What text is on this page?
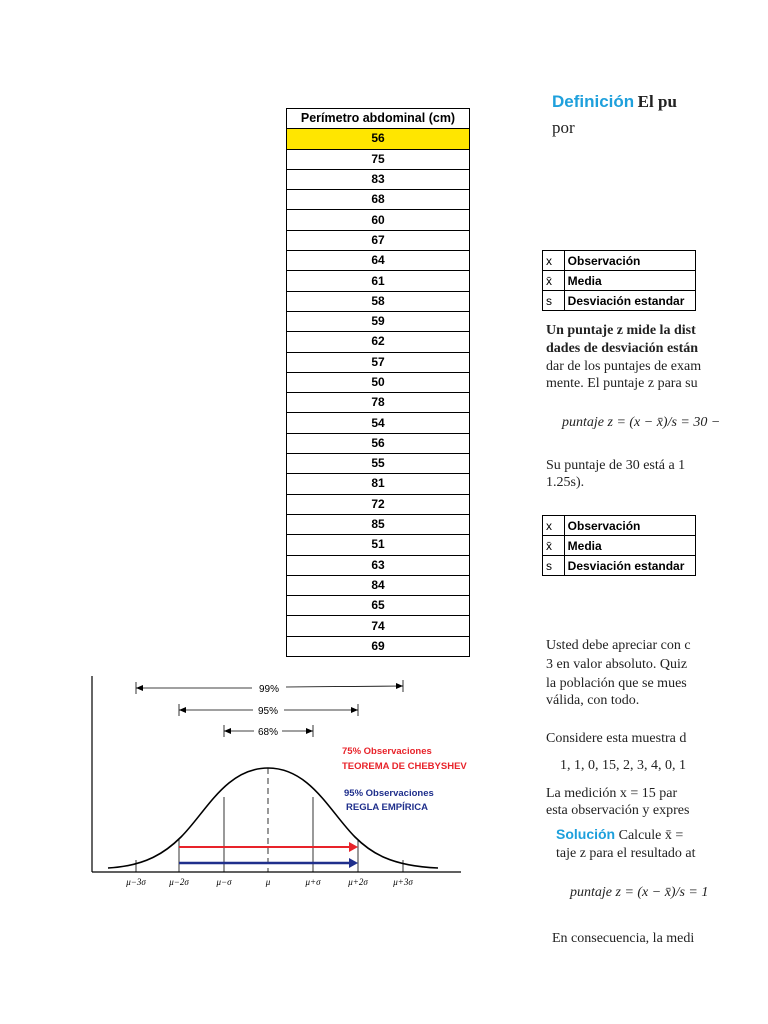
Perímetro abdominal (cm)
56
75
83
68
60
67
64
61
58
59
62
57
50
78
54
56
55
81
72
85
51
63
84
65
74
69
Definición El pu
por
x	Observación
x̄	Media
s	Desviación estandar
Un puntaje z mide la dist
dades de desviación están
dar de los puntajes de exam
mente. El puntaje z para su
puntaje z = (x − x̄)/s = 30 −
Su puntaje de 30 está a 1
1.25s).
x	Observación
x̄	Media
s	Desviación estandar
Usted debe apreciar con c
3 en valor absoluto. Quiz
la población que se mues
válida, con todo.
Considere esta muestra d
1, 1, 0, 15, 2, 3, 4, 0, 1
La medición x = 15 par
esta observación y expres
Solución Calcule x̄ =
taje z para el resultado at
puntaje z = (x − x̄)/s = 1
En consecuencia, la medi
99%
95%
68%
75% Observaciones
TEOREMA DE CHEBYSHEV
95% Observaciones
REGLA EMPÍRICA
μ−3σ	μ−2σ	μ−σ	μ	μ+σ	μ+2σ	μ+3σ
